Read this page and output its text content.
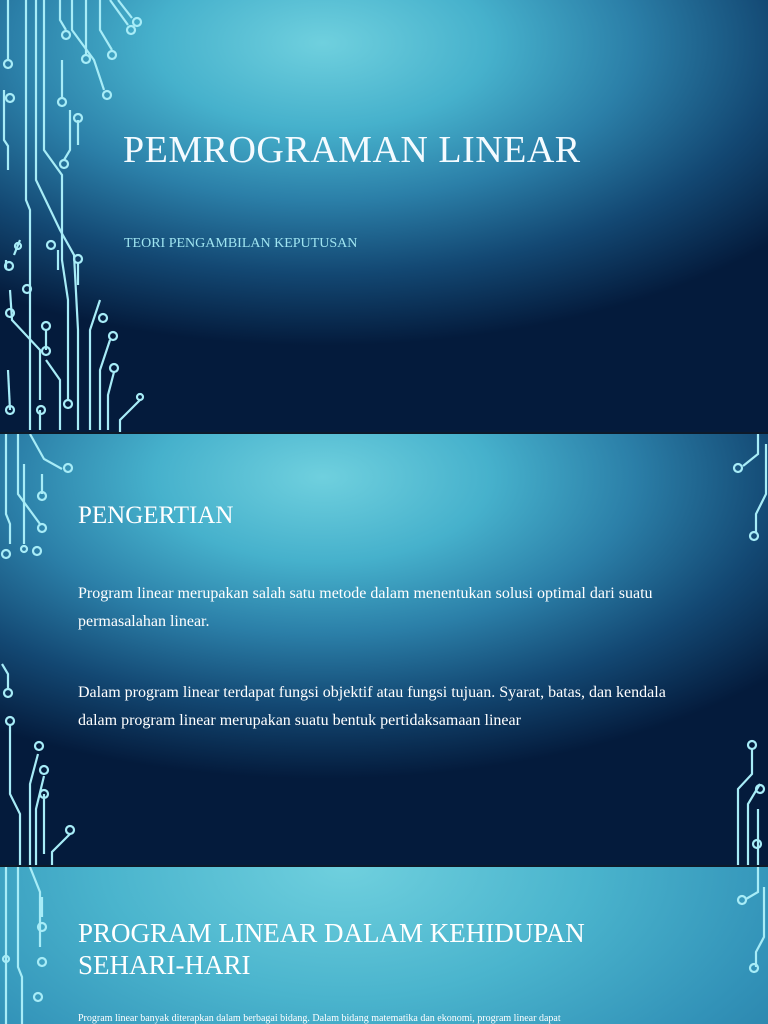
PEMROGRAMAN LINEAR
TEORI PENGAMBILAN KEPUTUSAN
PENGERTIAN
Program linear merupakan salah satu metode dalam menentukan solusi optimal dari suatu permasalahan linear.
Dalam program linear terdapat fungsi objektif atau fungsi tujuan. Syarat, batas, dan kendala dalam program linear merupakan suatu bentuk pertidaksamaan linear
PROGRAM LINEAR DALAM KEHIDUPAN SEHARI-HARI
Program linear banyak diterapkan dalam berbagai bidang. Dalam bidang matematika dan ekonomi, program linear dapat
